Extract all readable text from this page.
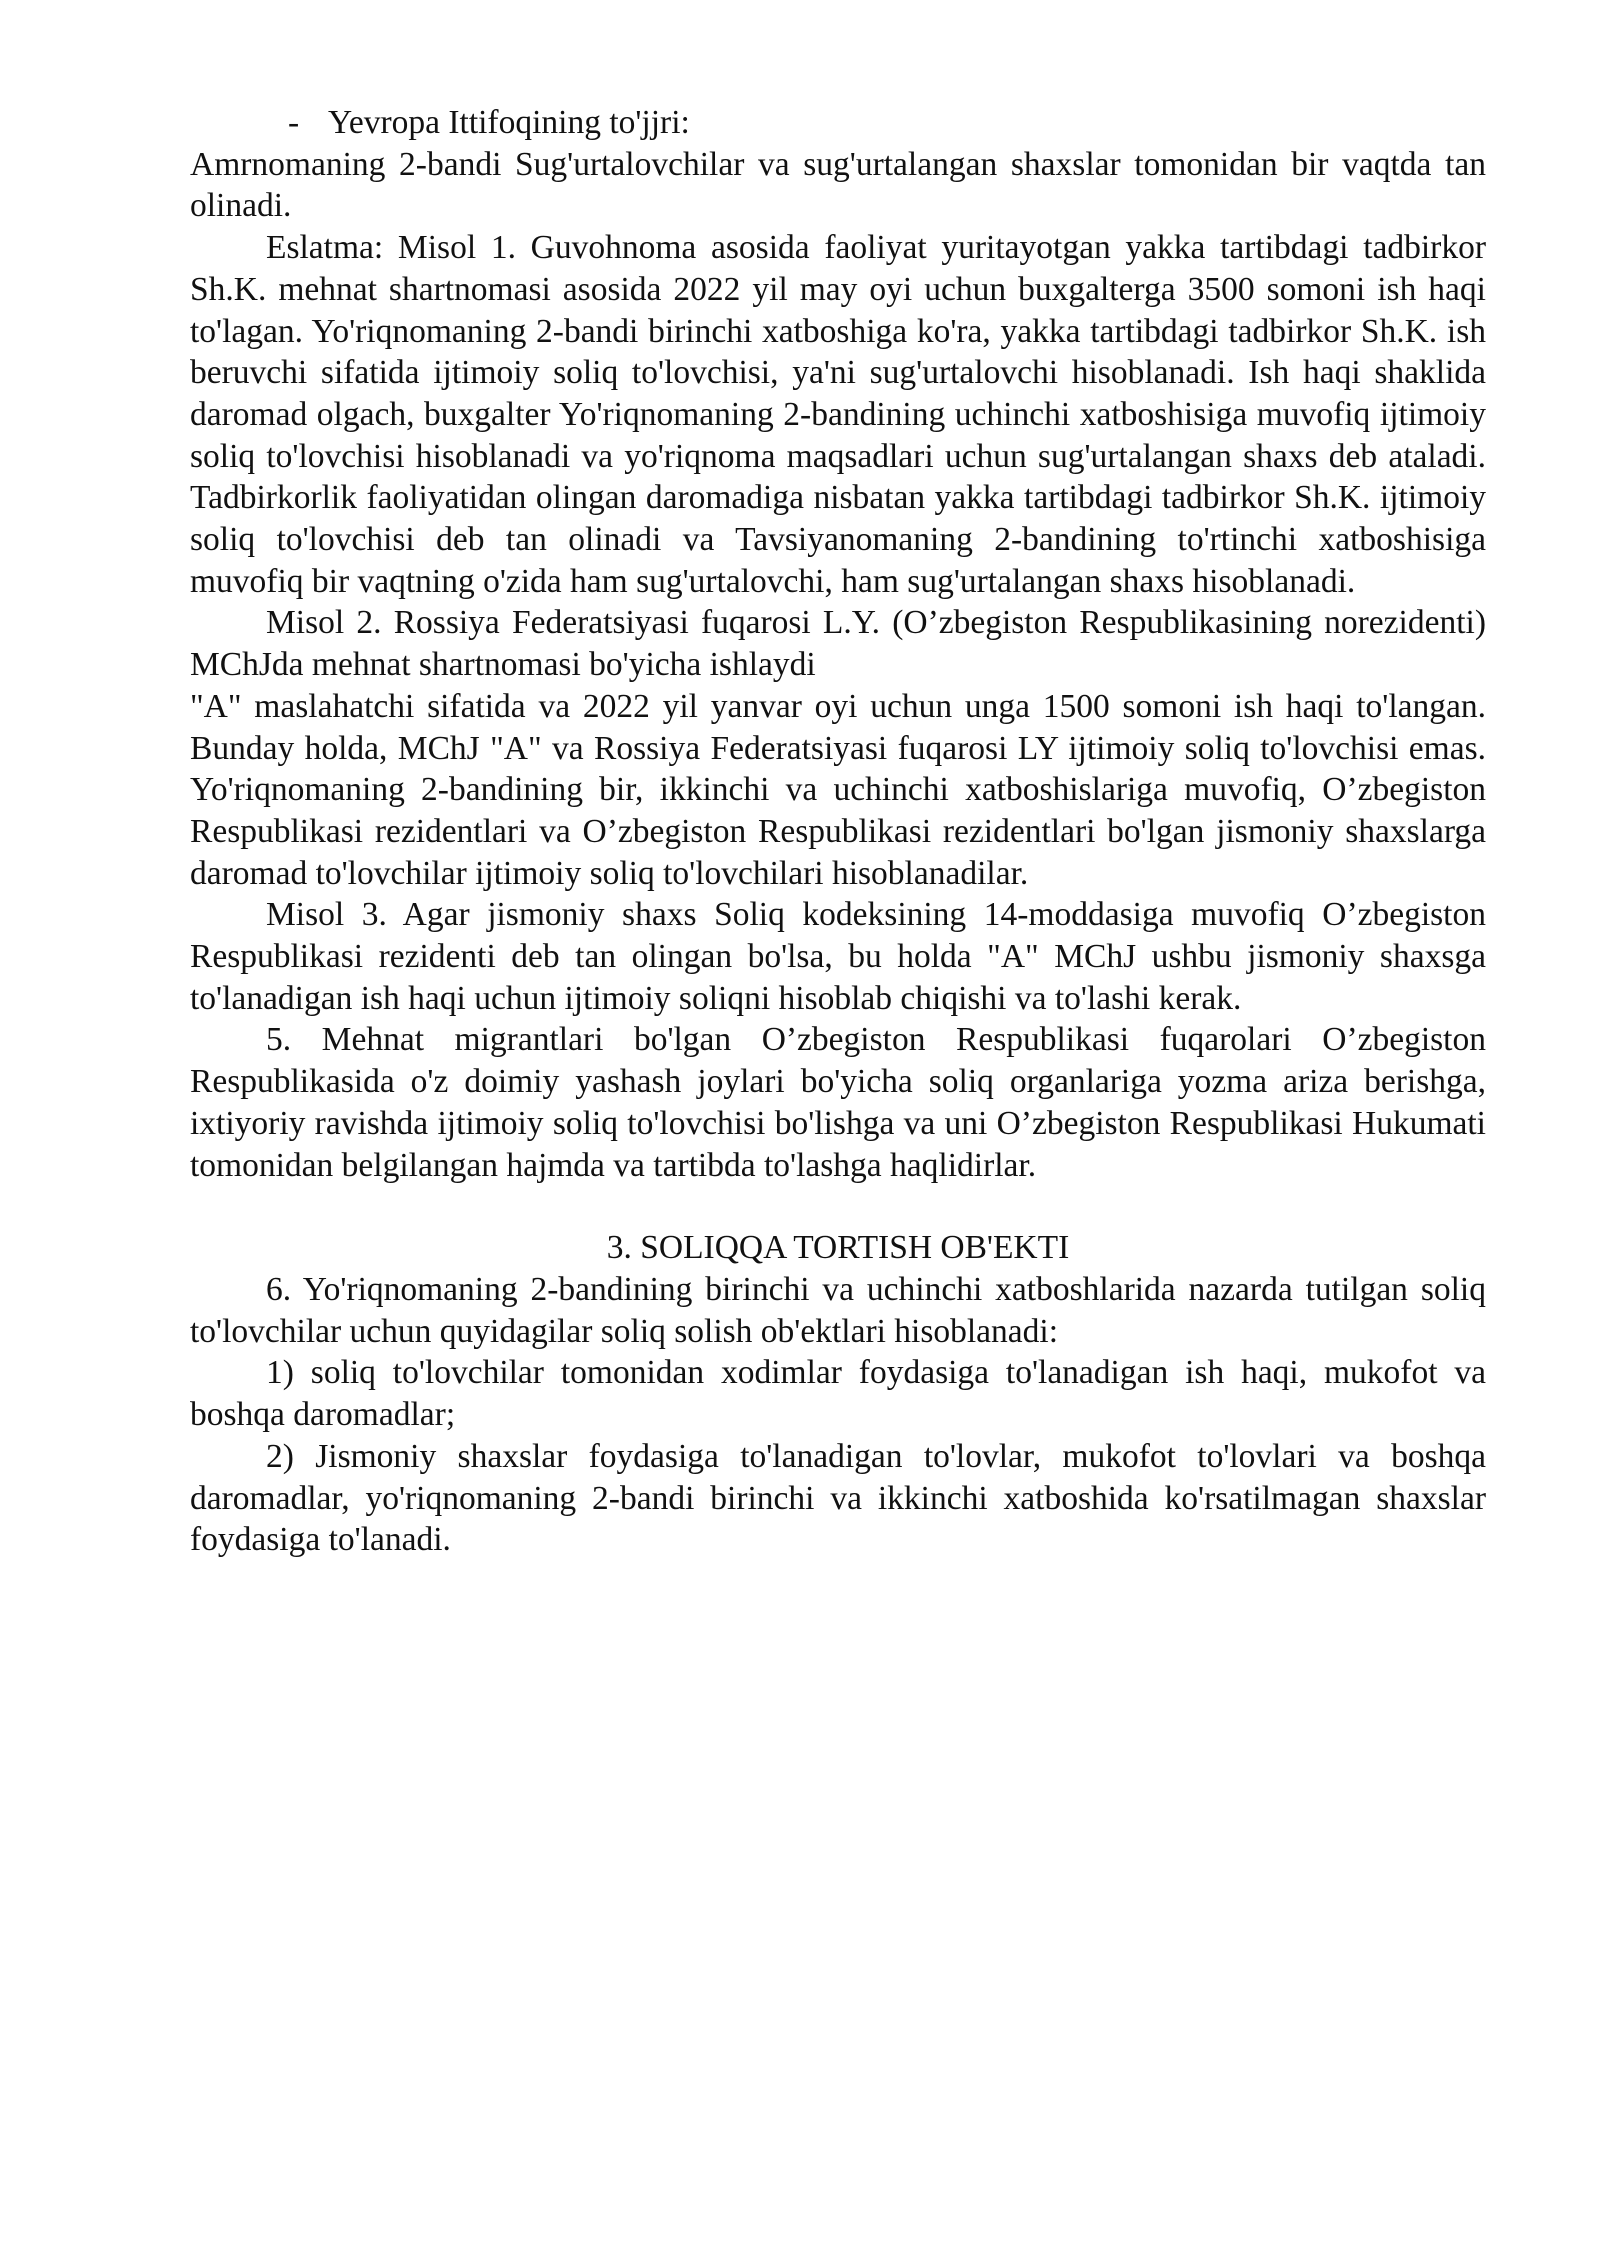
- Yevropa Ittifoqining to'jjri:

Amrnomaning 2-bandi Sug'urtalovchilar va sug'urtalangan shaxslar tomonidan bir vaqtda tan olinadi.

Eslatma: Misol 1. Guvohnoma asosida faoliyat yuritayotgan yakka tartibdagi tadbirkor Sh.K. mehnat shartnomasi asosida 2022 yil may oyi uchun buxgalterga 3500 somoni ish haqi to'lagan. Yo'riqnomaning 2-bandi birinchi xatboshiga ko'ra, yakka tartibdagi tadbirkor Sh.K. ish beruvchi sifatida ijtimoiy soliq to'lovchisi, ya'ni sug'urtalovchi hisoblanadi. Ish haqi shaklida daromad olgach, buxgalter Yo'riqnomaning 2-bandining uchinchi xatboshisiga muvofiq ijtimoiy soliq to'lovchisi hisoblanadi va yo'riqnoma maqsadlari uchun sug'urtalangan shaxs deb ataladi. Tadbirkorlik faoliyatidan olingan daromadiga nisbatan yakka tartibdagi tadbirkor Sh.K. ijtimoiy soliq to'lovchisi deb tan olinadi va Tavsiyanomaning 2-bandining to'rtinchi xatboshisiga muvofiq bir vaqtning o'zida ham sug'urtalovchi, ham sug'urtalangan shaxs hisoblanadi.

Misol 2. Rossiya Federatsiyasi fuqarosi L.Y. (O’zbegiston Respublikasining norezidenti) MChJda mehnat shartnomasi bo'yicha ishlaydi

"A" maslahatchi sifatida va 2022 yil yanvar oyi uchun unga 1500 somoni ish haqi to'langan. Bunday holda, MChJ "A" va Rossiya Federatsiyasi fuqarosi LY ijtimoiy soliq to'lovchisi emas. Yo'riqnomaning 2-bandining bir, ikkinchi va uchinchi xatboshislariga muvofiq, O’zbegiston Respublikasi rezidentlari va O’zbegiston Respublikasi rezidentlari bo'lgan jismoniy shaxslarga daromad to'lovchilar ijtimoiy soliq to'lovchilari hisoblanadilar.

Misol 3. Agar jismoniy shaxs Soliq kodeksining 14-moddasiga muvofiq O’zbegiston Respublikasi rezidenti deb tan olingan bo'lsa, bu holda "A" MChJ ushbu jismoniy shaxsga to'lanadigan ish haqi uchun ijtimoiy soliqni hisoblab chiqishi va to'lashi kerak.

5. Mehnat migrantlari bo'lgan O’zbegiston Respublikasi fuqarolari O’zbegiston Respublikasida o'z doimiy yashash joylari bo'yicha soliq organlariga yozma ariza berishga, ixtiyoriy ravishda ijtimoiy soliq to'lovchisi bo'lishga va uni O’zbegiston Respublikasi Hukumati tomonidan belgilangan hajmda va tartibda to'lashga haqlidirlar.

3. SOLIQQA TORTISH OB'EKTI

6. Yo'riqnomaning 2-bandining birinchi va uchinchi xatboshlarida nazarda tutilgan soliq to'lovchilar uchun quyidagilar soliq solish ob'ektlari hisoblanadi:

1) soliq to'lovchilar tomonidan xodimlar foydasiga to'lanadigan ish haqi, mukofot va boshqa daromadlar;

2) Jismoniy shaxslar foydasiga to'lanadigan to'lovlar, mukofot to'lovlari va boshqa daromadlar, yo'riqnomaning 2-bandi birinchi va ikkinchi xatboshida ko'rsatilmagan shaxslar foydasiga to'lanadi.
